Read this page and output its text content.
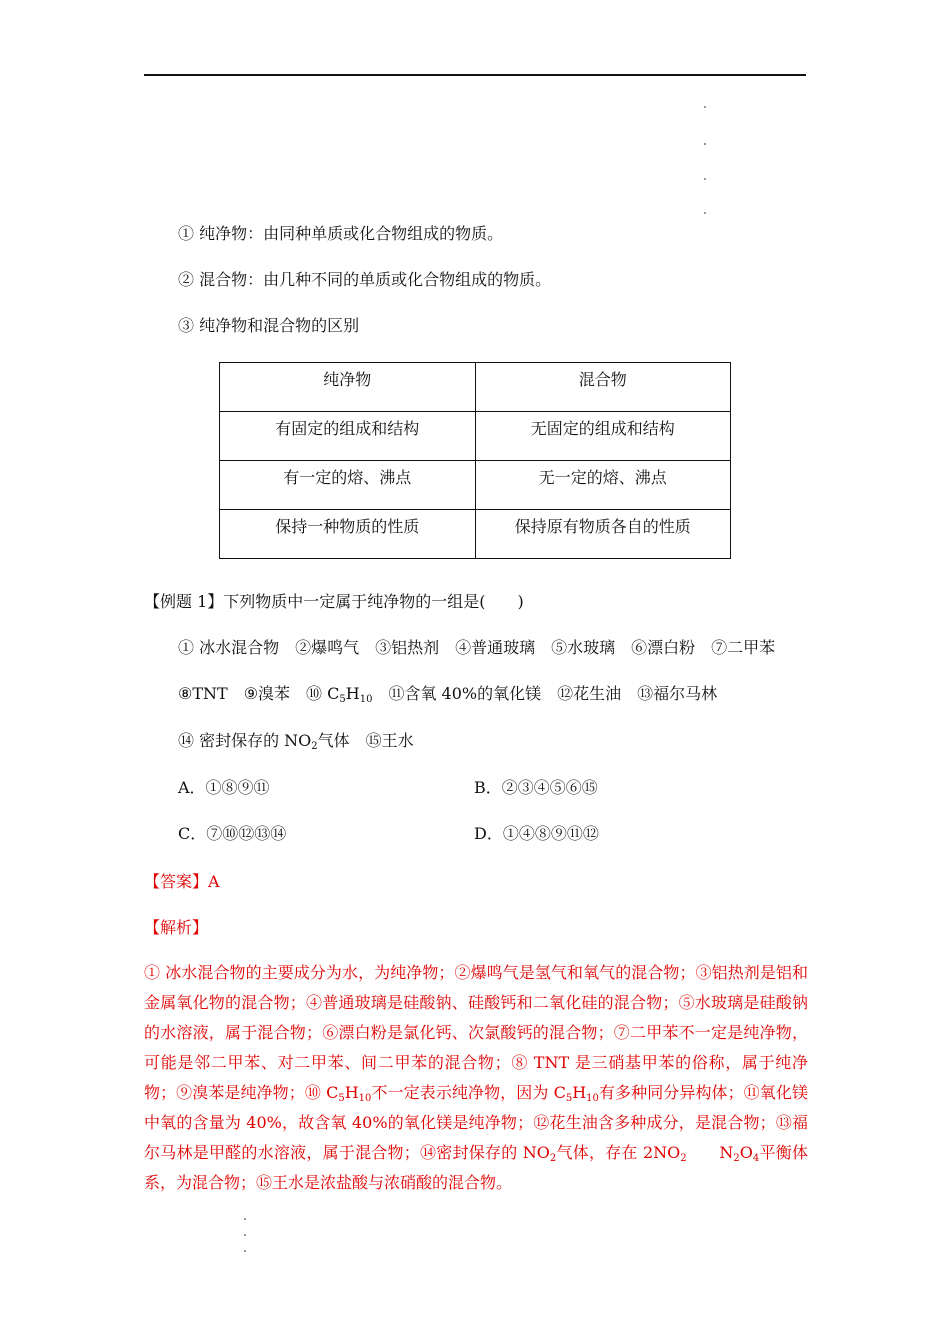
① 纯净物：由同种单质或化合物组成的物质。
② 混合物：由几种不同的单质或化合物组成的物质。
③ 纯净物和混合物的区别
纯净物	混合物
有固定的组成和结构	无固定的组成和结构
有一定的熔、沸点	无一定的熔、沸点
保持一种物质的性质	保持原有物质各自的性质
【例题 1】下列物质中一定属于纯净物的一组是(　　)
① 冰水混合物　②爆鸣气　③铝热剂　④普通玻璃　⑤水玻璃　⑥漂白粉　⑦二甲苯
⑧TNT　⑨溴苯　⑩ $C_5H_{10}$　⑪含氧 40%的氧化镁　⑫花生油　⑬福尔马林
⑭ 密封保存的 $NO_2$气体　⑮王水
A．①⑧⑨⑪	B．②③④⑤⑥⑮
C．⑦⑩⑫⑬⑭	D．①④⑧⑨⑪⑫
【答案】A
【解析】
① 冰水混合物的主要成分为水，为纯净物；②爆鸣气是氢气和氧气的混合物；③铝热剂是铝和金属氧化物的混合物；④普通玻璃是硅酸钠、硅酸钙和二氧化硅的混合物；⑤水玻璃是硅酸钠的水溶液，属于混合物；⑥漂白粉是氯化钙、次氯酸钙的混合物；⑦二甲苯不一定是纯净物，可能是邻二甲苯、对二甲苯、间二甲苯的混合物；⑧ TNT 是三硝基甲苯的俗称，属于纯净物；⑨溴苯是纯净物；⑩ $C_5H_{10}$不一定表示纯净物，因为 $C_5H_{10}$有多种同分异构体；⑪氧化镁中氧的含量为 40%，故含氧 40%的氧化镁是纯净物；⑫花生油含多种成分，是混合物；⑬福尔马林是甲醛的水溶液，属于混合物；⑭密封保存的 $NO_2$气体，存在 $2NO_2$　　$N_2O_4$平衡体系，为混合物；⑮王水是浓盐酸与浓硝酸的混合物。
